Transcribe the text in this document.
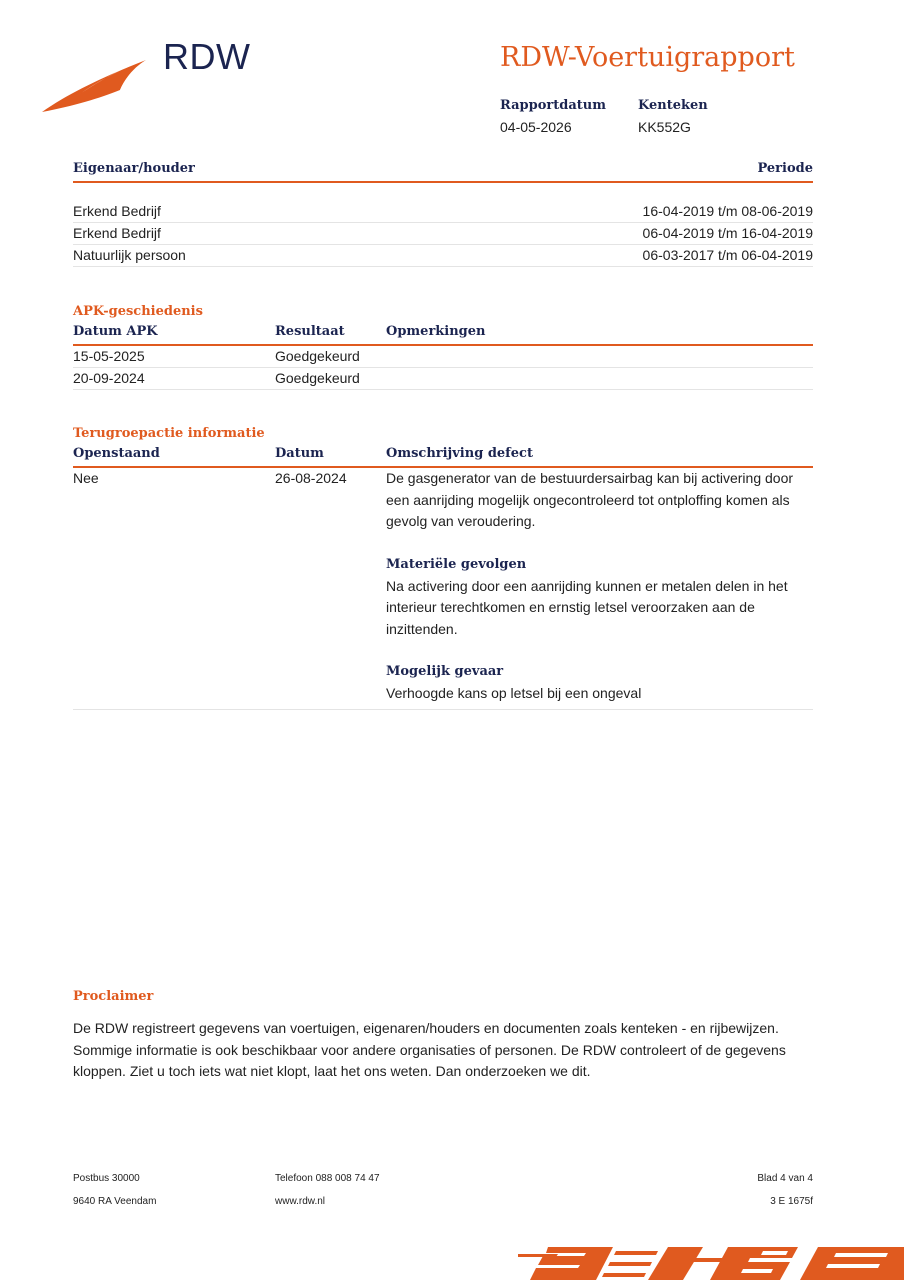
RDW	RDW-Voertuigrapport
Rapportdatum
04-05-2026
Kenteken
KK552G
Eigenaar/houder	Periode
Erkend Bedrijf	16-04-2019 t/m 08-06-2019
Erkend Bedrijf	06-04-2019 t/m 16-04-2019
Natuurlijk persoon	06-03-2017 t/m 06-04-2019
APK-geschiedenis
Datum APK	Resultaat	Opmerkingen
15-05-2025	Goedgekeurd
20-09-2024	Goedgekeurd
Terugroepactie informatie
Openstaand	Datum	Omschrijving defect
Nee	26-08-2024	De gasgenerator van de bestuurdersairbag kan bij activering door een aanrijding mogelijk ongecontroleerd tot ontploffing komen als gevolg van veroudering.

Materiële gevolgen

Na activering door een aanrijding kunnen er metalen delen in het interieur terechtkomen en ernstig letsel veroorzaken aan de inzittenden.

Mogelijk gevaar

Verhoogde kans op letsel bij een ongeval

Proclaimer
De RDW registreert gegevens van voertuigen, eigenaren/houders en documenten zoals kenteken - en rijbewijzen. Sommige informatie is ook beschikbaar voor andere organisaties of personen. De RDW controleert of de gegevens kloppen. Ziet u toch iets wat niet klopt, laat het ons weten. Dan onderzoeken we dit.
Postbus 30000
9640 RA Veendam
Telefoon 088 008 74 47
www.rdw.nl
Blad 4 van 4
3 E 1675f
